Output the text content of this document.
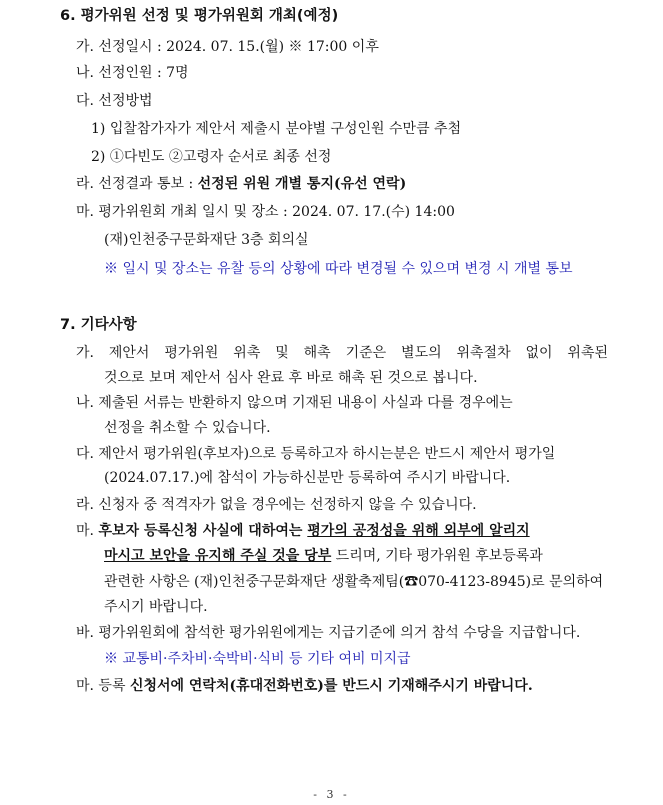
6. 평가위원 선정 및 평가위원회 개최(예정)
가. 선정일시 : 2024. 07. 15.(월) ※ 17:00 이후
나. 선정인원 : 7명
다. 선정방법
1) 입찰참가자가 제안서 제출시 분야별 구성인원 수만큼 추첨
2) ①다빈도 ②고령자 순서로 최종 선정
라. 선정결과 통보 : 선정된 위원 개별 통지(유선 연락)
마. 평가위원회 개최 일시 및 장소 : 2024. 07. 17.(수) 14:00
(재)인천중구문화재단 3층 회의실
※ 일시 및 장소는 유찰 등의 상황에 따라 변경될 수 있으며 변경 시 개별 통보
7. 기타사항
가. 제안서 평가위원 위촉 및 해촉 기준은 별도의 위촉절차 없이 위촉된
것으로 보며 제안서 심사 완료 후 바로 해촉 된 것으로 봅니다.
나. 제출된 서류는 반환하지 않으며 기재된 내용이 사실과 다를 경우에는
선정을 취소할 수 있습니다.
다. 제안서 평가위원(후보자)으로 등록하고자 하시는분은 반드시 제안서 평가일
(2024.07.17.)에 참석이 가능하신분만 등록하여 주시기 바랍니다.
라. 신청자 중 적격자가 없을 경우에는 선정하지 않을 수 있습니다.
마. 후보자 등록신청 사실에 대하여는 평가의 공정성을 위해 외부에 알리지
마시고 보안을 유지해 주실 것을 당부 드리며, 기타 평가위원 후보등록과
관련한 사항은 (재)인천중구문화재단 생활축제팀(☎070-4123-8945)로 문의하여
주시기 바랍니다.
바. 평가위원회에 참석한 평가위원에게는 지급기준에 의거 참석 수당을 지급합니다.
※ 교통비·주차비·숙박비·식비 등 기타 여비 미지급
마. 등록 신청서에 연락처(휴대전화번호)를 반드시 기재해주시기 바랍니다.
- 3 -
